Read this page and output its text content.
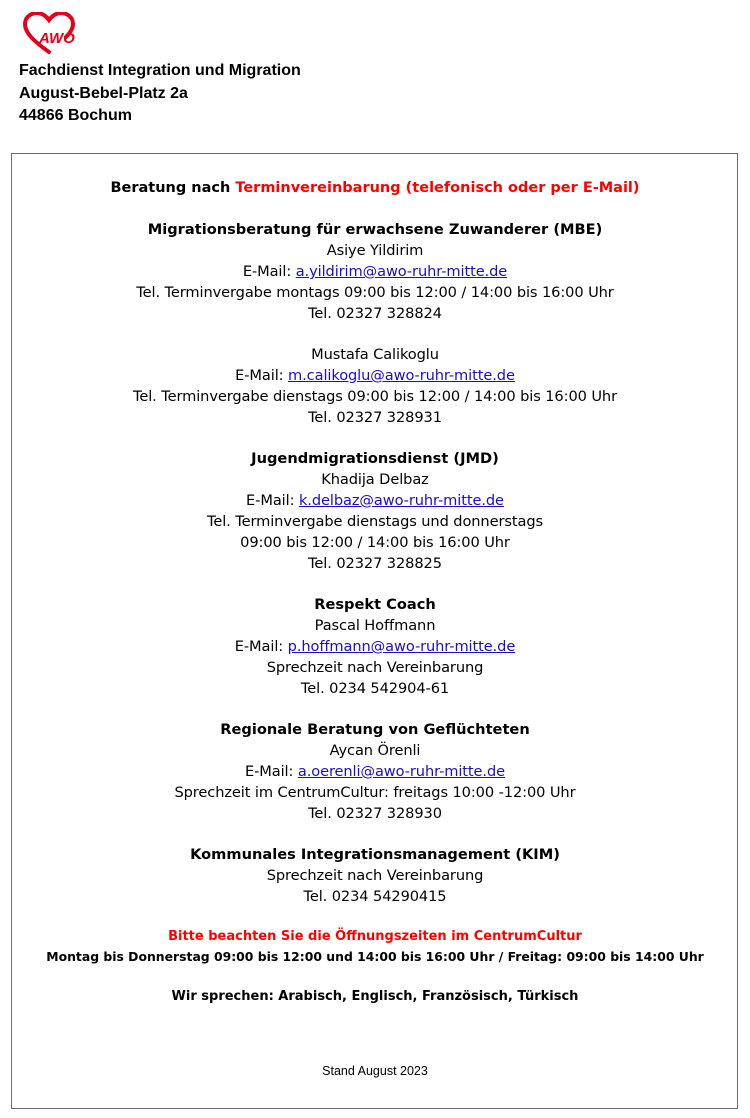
AWO
Fachdienst Integration und Migration
August-Bebel-Platz 2a
44866 Bochum
Beratung nach Terminvereinbarung (telefonisch oder per E-Mail)
Migrationsberatung für erwachsene Zuwanderer (MBE)
Asiye Yildirim
E-Mail: a.yildirim@awo-ruhr-mitte.de
Tel. Terminvergabe montags 09:00 bis 12:00 / 14:00 bis 16:00 Uhr
Tel. 02327 328824
Mustafa Calikoglu
E-Mail: m.calikoglu@awo-ruhr-mitte.de
Tel. Terminvergabe dienstags 09:00 bis 12:00 / 14:00 bis 16:00 Uhr
Tel. 02327 328931
Jugendmigrationsdienst (JMD)
Khadija Delbaz
E-Mail: k.delbaz@awo-ruhr-mitte.de
Tel. Terminvergabe dienstags und donnerstags
09:00 bis 12:00 / 14:00 bis 16:00 Uhr
Tel. 02327 328825
Respekt Coach
Pascal Hoffmann
E-Mail: p.hoffmann@awo-ruhr-mitte.de
Sprechzeit nach Vereinbarung
Tel. 0234 542904-61
Regionale Beratung von Geflüchteten
Aycan Örenli
E-Mail: a.oerenli@awo-ruhr-mitte.de
Sprechzeit im CentrumCultur: freitags 10:00 -12:00 Uhr
Tel. 02327 328930
Kommunales Integrationsmanagement (KIM)
Sprechzeit nach Vereinbarung
Tel. 0234 54290415
Bitte beachten Sie die Öffnungszeiten im CentrumCultur
Montag bis Donnerstag 09:00 bis 12:00 und 14:00 bis 16:00 Uhr / Freitag: 09:00 bis 14:00 Uhr
Wir sprechen: Arabisch, Englisch, Französisch, Türkisch
Stand August 2023
